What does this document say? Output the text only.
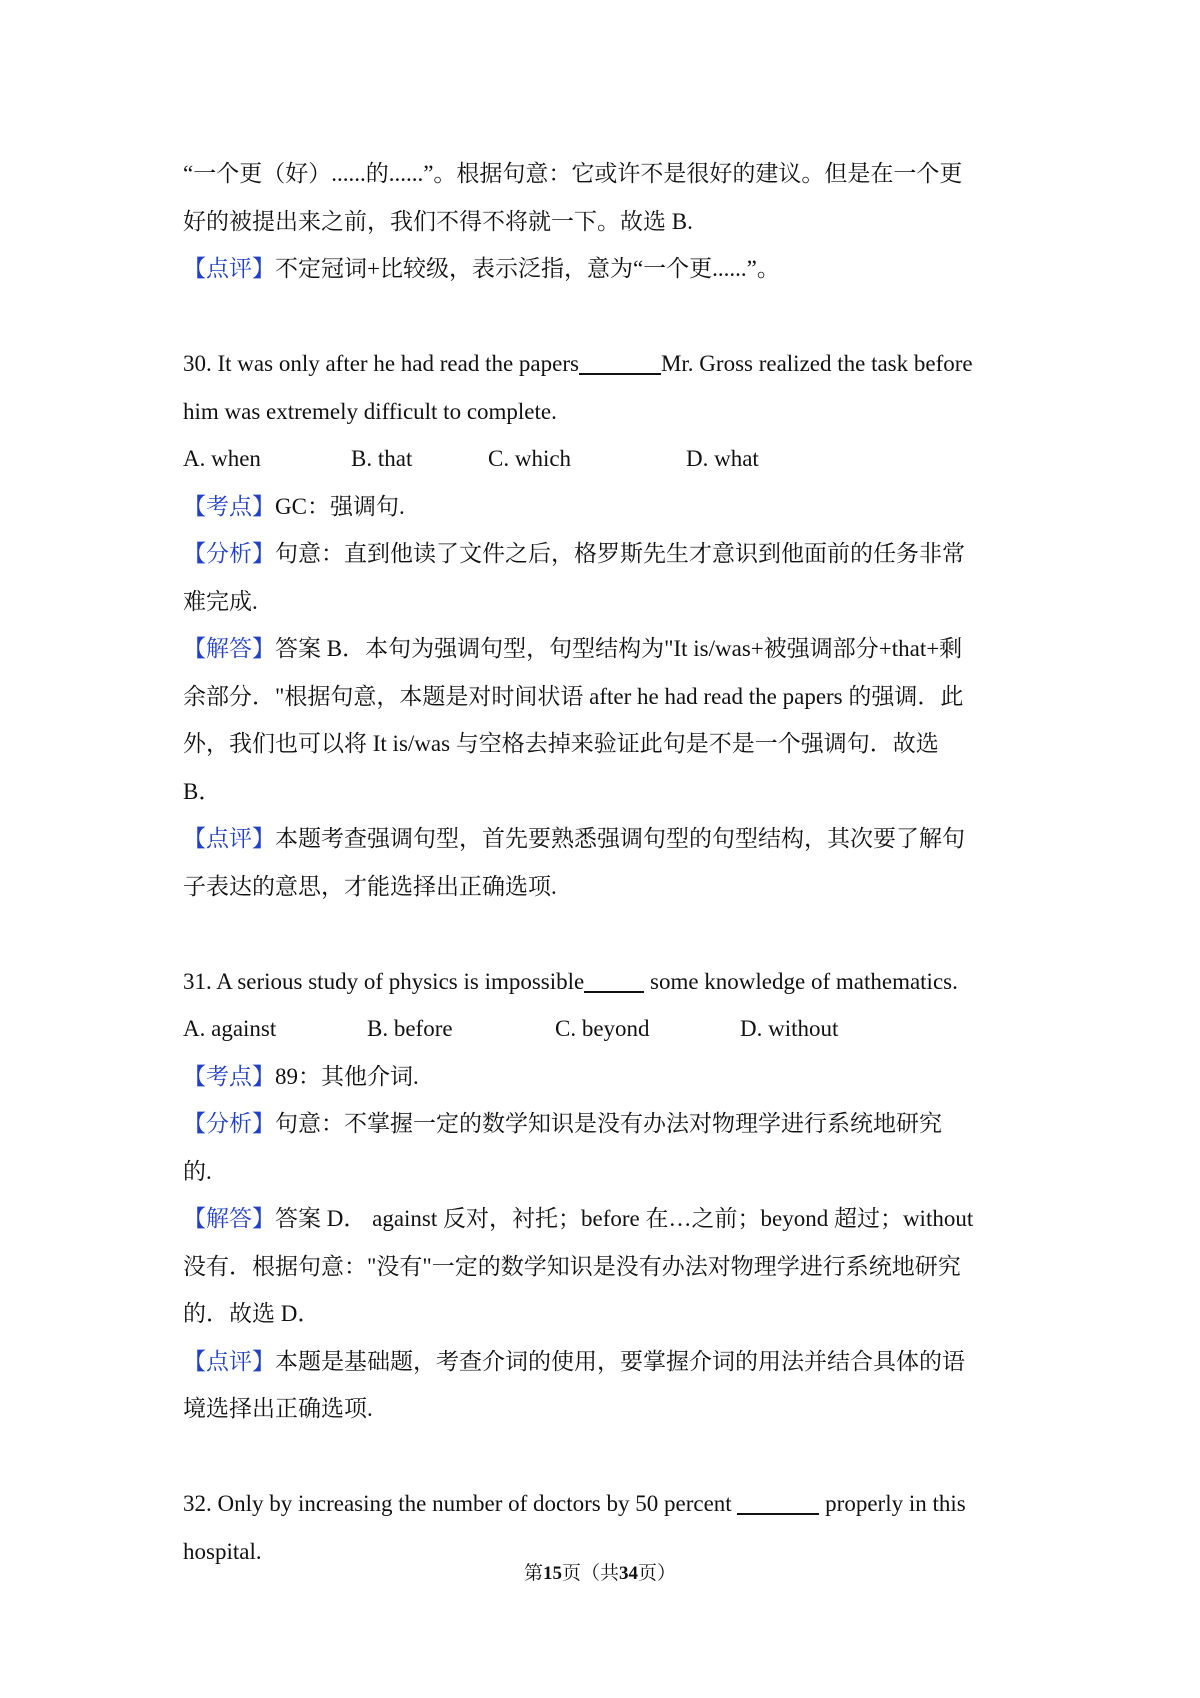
“一个更（好）......的......”。根据句意：它或许不是很好的建议。但是在一个更

好的被提出来之前，我们不得不将就一下。故选 B.

【点评】不定冠词+比较级，表示泛指，意为“一个更......”。

30. It was only after he had read the papers	Mr. Gross realized the task before

him was extremely difficult to complete.

A. when	B. that	C. which	D. what

【考点】GC：强调句.

【分析】句意：直到他读了文件之后，格罗斯先生才意识到他面前的任务非常

难完成.

【解答】答案 B．本句为强调句型，句型结构为"It is/was+被强调部分+that+剩

余部分．"根据句意，本题是对时间状语 after he had read the papers 的强调．此

外，我们也可以将 It is/was 与空格去掉来验证此句是不是一个强调句．故选

B．

【点评】本题考查强调句型，首先要熟悉强调句型的句型结构，其次要了解句

子表达的意思，才能选择出正确选项.

31. A serious study of physics is impossible	some knowledge of mathematics.

A. against	B. before	C. beyond	D. without

【考点】89：其他介词.

【分析】句意：不掌握一定的数学知识是没有办法对物理学进行系统地研究

的.

【解答】答案 D． against 反对，衬托；before 在…之前；beyond 超过；without

没有．根据句意："没有"一定的数学知识是没有办法对物理学进行系统地研究

的．故选 D．

【点评】本题是基础题，考查介词的使用，要掌握介词的用法并结合具体的语

境选择出正确选项.

32. Only by increasing the number of doctors by 50 percent	properly in this

hospital.

第15页（共34页）
